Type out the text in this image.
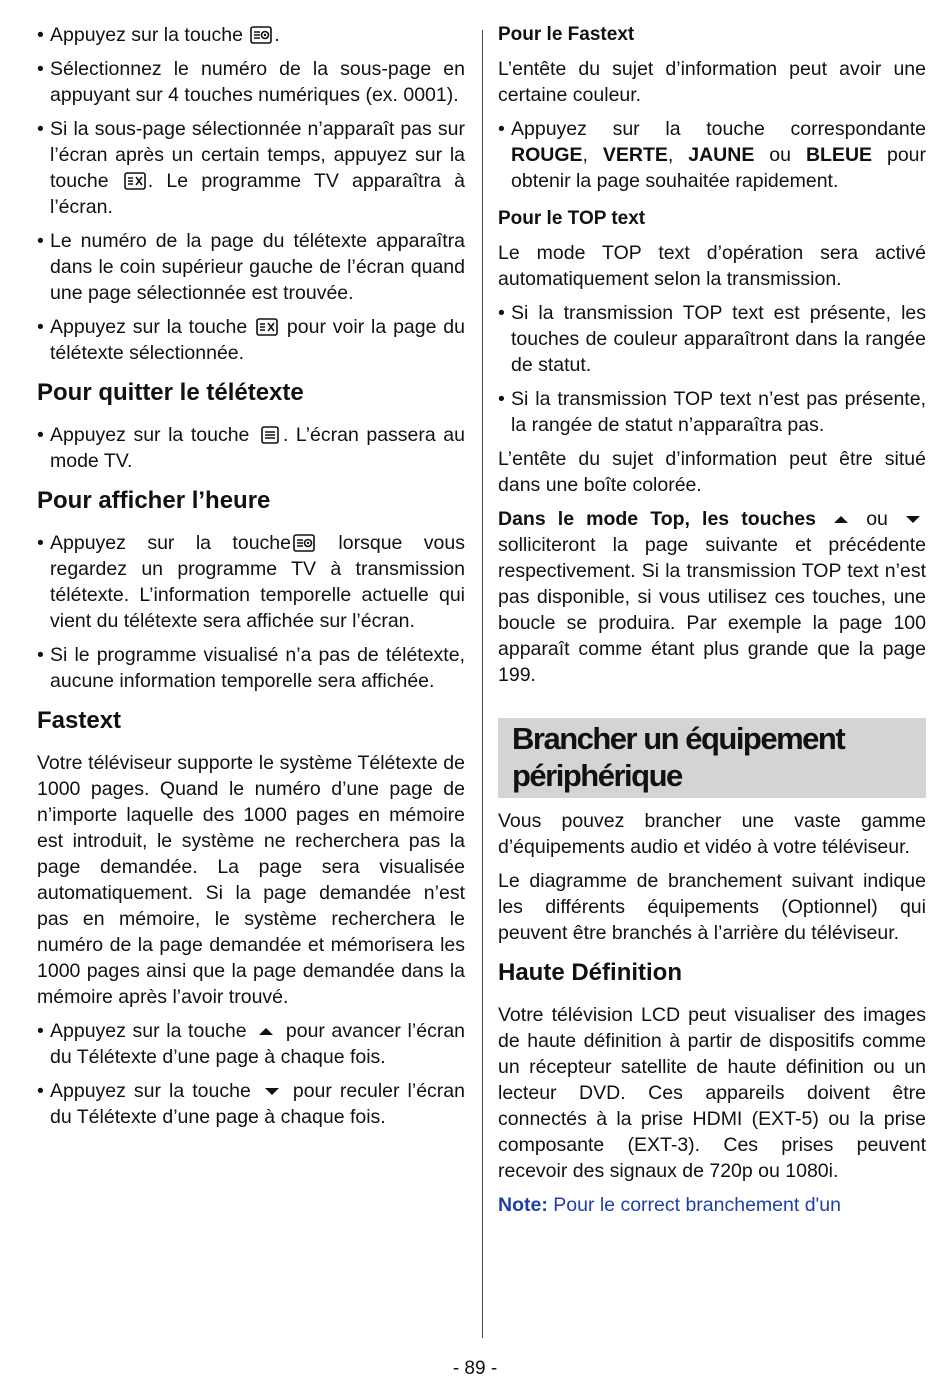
• Appuyez sur la touche .
• Sélectionnez le numéro de la sous-page en appuyant sur 4 touches numériques (ex. 0001).
• Si la sous-page sélectionnée n’apparaît pas sur l’écran après un certain temps, appuyez sur la touche . Le programme TV apparaîtra à l’écran.
• Le numéro de la page du télétexte apparaîtra dans le coin supérieur gauche de l’écran quand une page sélectionnée est trouvée.
• Appuyez sur la touche pour voir la page du télétexte sélectionnée.
Pour quitter le télétexte
• Appuyez sur la touche . L’écran passera au mode TV.
Pour afficher l’heure
• Appuyez sur la touche lorsque vous regardez un programme TV à transmission télétexte. L’information temporelle actuelle qui vient du télétexte sera affichée sur l’écran.
• Si le programme visualisé n’a pas de télétexte, aucune information temporelle sera affichée.
Fastext

Votre téléviseur supporte le système Télétexte de 1000 pages. Quand le numéro d’une page de n’importe laquelle des 1000 pages en mémoire est introduit, le système ne recherchera pas la page demandée. La page sera visualisée automatiquement. Si la page demandée n’est pas en mémoire, le système recherchera le numéro de la page demandée et mémorisera les 1000 pages ainsi que la page demandée dans la mémoire après l’avoir trouvé.

• Appuyez sur la touche pour avancer l’écran du Télétexte d’une page à chaque fois.
• Appuyez sur la touche pour reculer l’écran du Télétexte d’une page à chaque fois.
Pour le Fastext

L’entête du sujet d’information peut avoir une certaine couleur.

• Appuyez sur la touche correspondante ROUGE, VERTE, JAUNE ou BLEUE pour obtenir la page souhaitée rapidement.
Pour le TOP text

Le mode TOP text d’opération sera activé automatiquement selon la transmission.

• Si la transmission TOP text est présente, les touches de couleur apparaîtront dans la rangée de statut.
• Si la transmission TOP text n’est pas présente, la rangée de statut n’apparaîtra pas.

L’entête du sujet d’information peut être situé dans une boîte colorée.

Dans le mode Top, les touches	ou  solliciteront la page suivante et précédente respectivement. Si la transmission TOP text n’est pas disponible, si vous utilisez ces touches, une boucle se produira. Par exemple la page 100 apparaît comme étant plus grande que la page 199.

Brancher un équipement
périphérique

Vous pouvez brancher une vaste gamme d’équipements audio et vidéo à votre téléviseur.

Le diagramme de branchement suivant indique les différents équipements (Optionnel) qui peuvent être branchés à l’arrière du téléviseur.

Haute Définition

Votre télévision LCD peut visualiser des images de haute définition à partir de dispositifs comme un récepteur satellite de haute définition ou un lecteur DVD. Ces appareils doivent être connectés à la prise HDMI (EXT-5) ou la prise composante (EXT-3). Ces prises peuvent recevoir des signaux de 720p ou 1080i.

Note: Pour le correct branchement d'un

- 89 -
